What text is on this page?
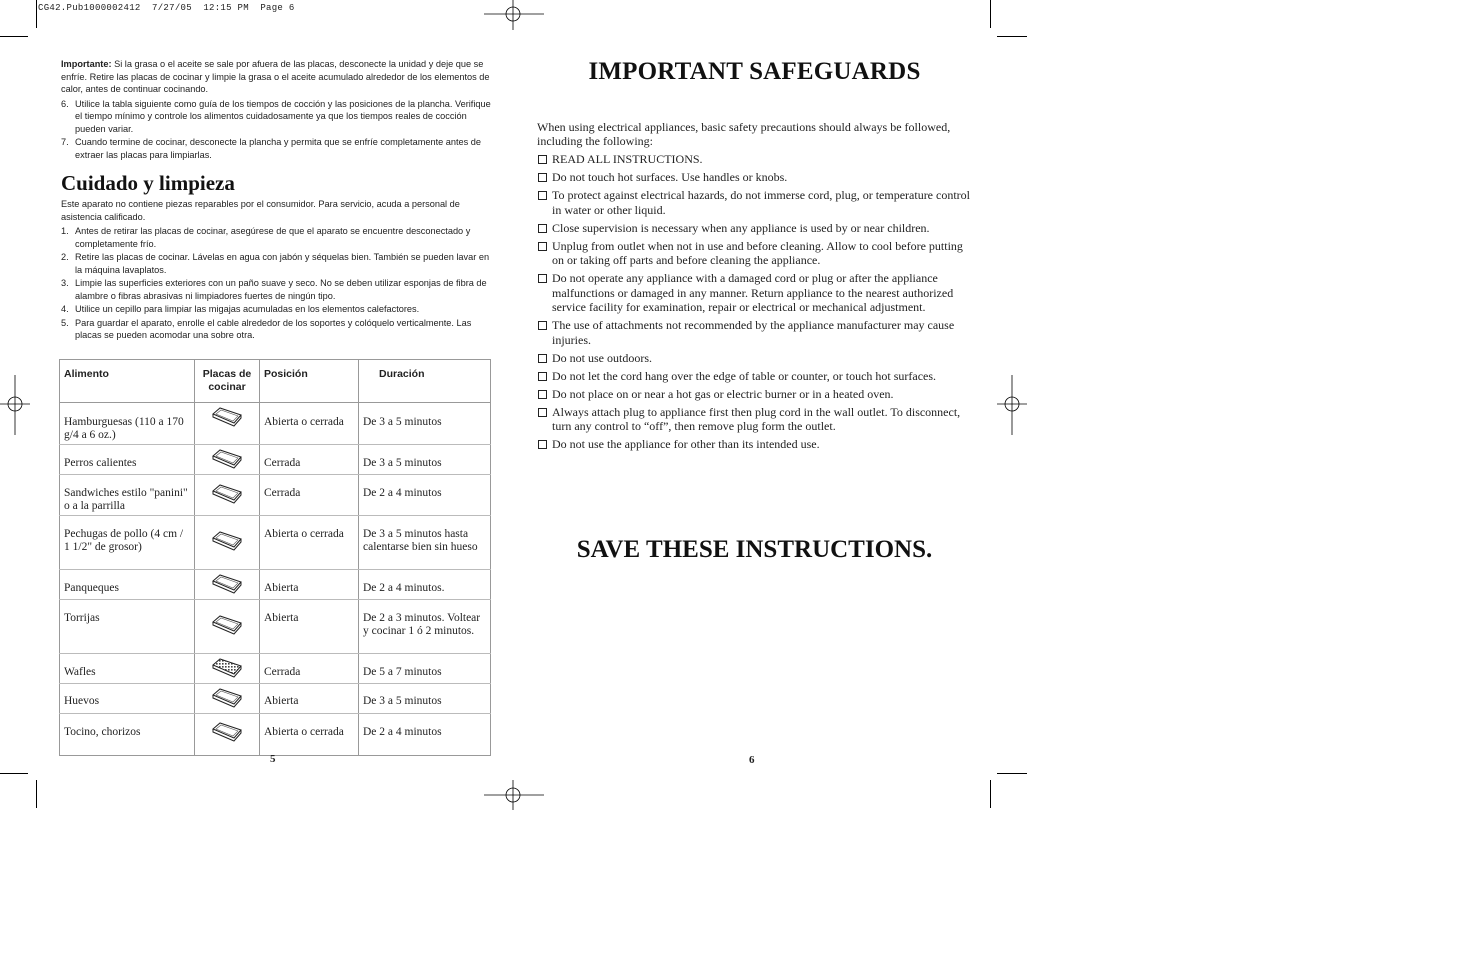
CG42.Pub1000002412  7/27/05  12:15 PM  Page 6

Importante: Si la grasa o el aceite se sale por afuera de las placas, desconecte la unidad y deje que se enfríe. Retire las placas de cocinar y limpie la grasa o el aceite acumulado alrededor de los elementos de calor, antes de continuar cocinando.

6. Utilice la tabla siguiente como guía de los tiempos de cocción y las posiciones de la plancha. Verifique el tiempo mínimo y controle los alimentos cuidadosamente ya que los tiempos reales de cocción pueden variar.
7. Cuando termine de cocinar, desconecte la plancha y permita que se enfríe completamente antes de extraer las placas para limpiarlas.
Cuidado y limpieza

Este aparato no contiene piezas reparables por el consumidor. Para servicio, acuda a personal de asistencia calificado.

1. Antes de retirar las placas de cocinar, asegúrese de que el aparato se encuentre desconectado y completamente frío.
2. Retire las placas de cocinar. Lávelas en agua con jabón y séquelas bien. También se pueden lavar en la máquina lavaplatos.
3. Limpie las superficies exteriores con un paño suave y seco. No se deben utilizar esponjas de fibra de alambre o fibras abrasivas ni limpiadores fuertes de ningún tipo.
4. Utilice un cepillo para limpiar las migajas acumuladas en los elementos calefactores.
5. Para guardar el aparato, enrolle el cable alrededor de los soportes y colóquelo verticalmente. Las placas se pueden acomodar una sobre otra.
Alimento	Placas de cocinar	Posición	Duración
Hamburguesas (110 a 170 g/4 a 6 oz.)		Abierta o cerrada	De 3 a 5 minutos
Perros calientes		Cerrada	De 3 a 5 minutos
Sandwiches estilo "panini" o a la parrilla		Cerrada	De 2 a 4 minutos
Pechugas de pollo (4 cm / 1 1/2" de grosor)		Abierta o cerrada	De 3 a 5 minutos hasta calentarse bien sin hueso
Panqueques		Abierta	De 2 a 4 minutos.
Torrijas		Abierta	De 2 a 3 minutos. Voltear y cocinar 1 ó 2 minutos.
Wafles		Cerrada	De 5 a 7 minutos
Huevos		Abierta	De 3 a 5 minutos
Tocino, chorizos		Abierta o cerrada	De 2 a 4 minutos
5
IMPORTANT SAFEGUARDS

When using electrical appliances, basic safety precautions should always be followed, including the following:

READ ALL INSTRUCTIONS.
Do not touch hot surfaces. Use handles or knobs.
To protect against electrical hazards, do not immerse cord, plug, or temperature control in water or other liquid.
Close supervision is necessary when any appliance is used by or near children.
Unplug from outlet when not in use and before cleaning. Allow to cool before putting on or taking off parts and before cleaning the appliance.
Do not operate any appliance with a damaged cord or plug or after the appliance malfunctions or damaged in any manner. Return appliance to the nearest authorized service facility for examination, repair or electrical or mechanical adjustment.
The use of attachments not recommended by the appliance manufacturer may cause injuries.
Do not use outdoors.
Do not let the cord hang over the edge of table or counter, or touch hot surfaces.
Do not place on or near a hot gas or electric burner or in a heated oven.
Always attach plug to appliance first then plug cord in the wall outlet. To disconnect, turn any control to “off”, then remove plug form the outlet.
Do not use the appliance for other than its intended use.
SAVE THESE INSTRUCTIONS.
6
